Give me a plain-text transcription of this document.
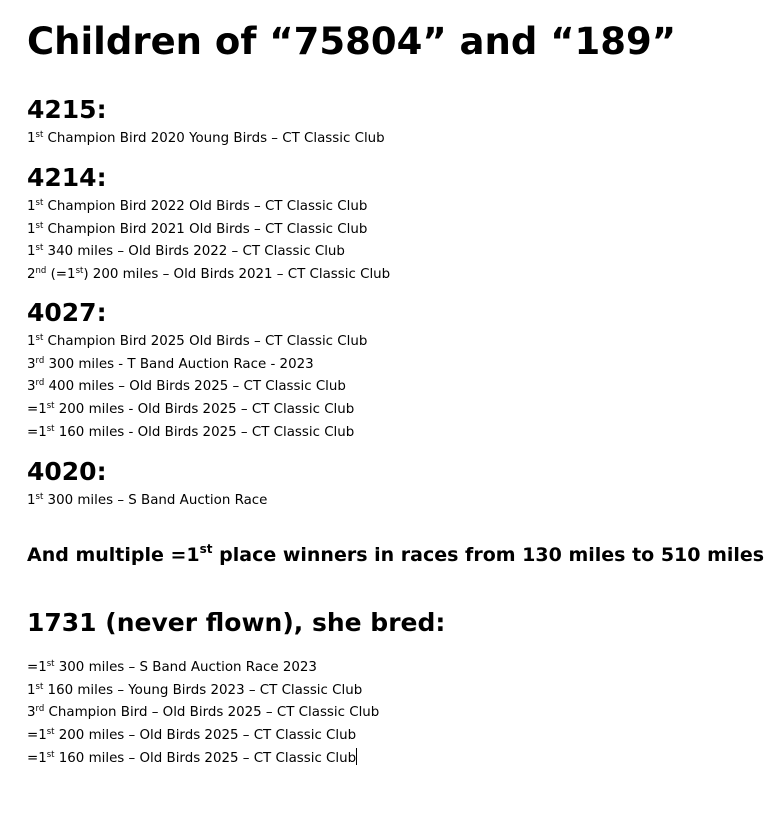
Children of “75804” and “189”
4215:
1st Champion Bird 2020 Young Birds – CT Classic Club
4214:
1st Champion Bird 2022 Old Birds – CT Classic Club
1st Champion Bird 2021 Old Birds – CT Classic Club
1st 340 miles – Old Birds 2022 – CT Classic Club
2nd (=1st) 200 miles – Old Birds 2021 – CT Classic Club
4027:
1st Champion Bird 2025 Old Birds – CT Classic Club
3rd 300 miles - T Band Auction Race - 2023
3rd 400 miles – Old Birds 2025 – CT Classic Club
=1st 200 miles - Old Birds 2025 – CT Classic Club
=1st 160 miles - Old Birds 2025 – CT Classic Club
4020:
1st 300 miles – S Band Auction Race

And multiple =1st place winners in races from 130 miles to 510 miles

1731 (never flown), she bred:
=1st 300 miles – S Band Auction Race 2023
1st 160 miles – Young Birds 2023 – CT Classic Club
3rd Champion Bird – Old Birds 2025 – CT Classic Club
=1st 200 miles – Old Birds 2025 – CT Classic Club
=1st 160 miles – Old Birds 2025 – CT Classic Club
